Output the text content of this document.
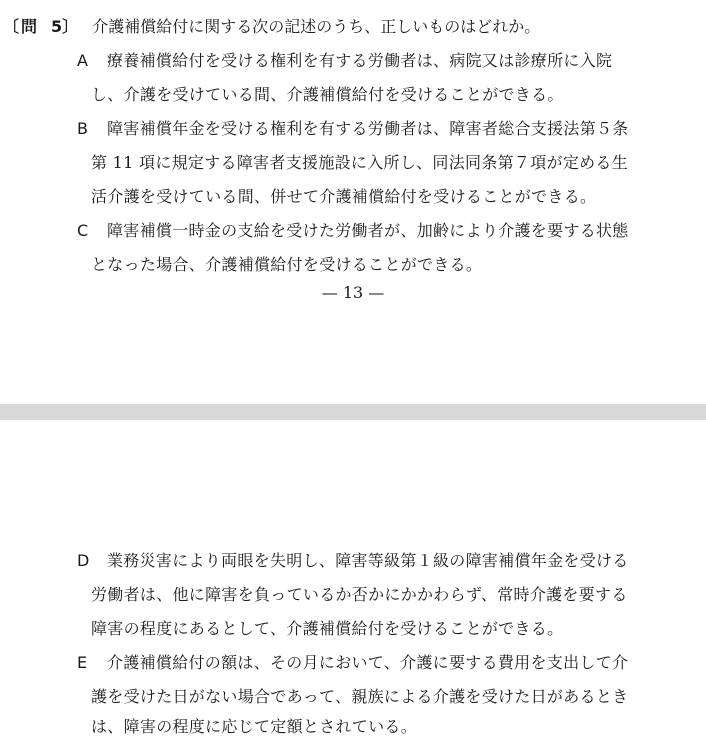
〔 問 5〕 介護補償給付に関する次の記述のうち、正しいものはどれか。
A 療養補償給付を受ける権利を有する労働者は、病院又は診療所に入院
し、介護を受けている間、介護補償給付を受けることができる。
B 障害補償年金を受ける権利を有する労働者は、障害者総合支援法第５条
第 11 項に規定する障害者支援施設に入所し、同法同条第７項が定める生
活介護を受けている間、併せて介護補償給付を受けることができる。
C 障害補償一時金の支給を受けた労働者が、加齢により介護を要する状態
となった場合、介護補償給付を受けることができる。
— 13 —
D 業務災害により両眼を失明し、障害等級第１級の障害補償年金を受ける
労働者は、他に障害を負っているか否かにかかわらず、常時介護を要する
障害の程度にあるとして、介護補償給付を受けることができる。
E 介護補償給付の額は、その月において、介護に要する費用を支出して介
護を受けた日がない場合であって、親族による介護を受けた日があるとき
は、障害の程度に応じて定額とされている。
